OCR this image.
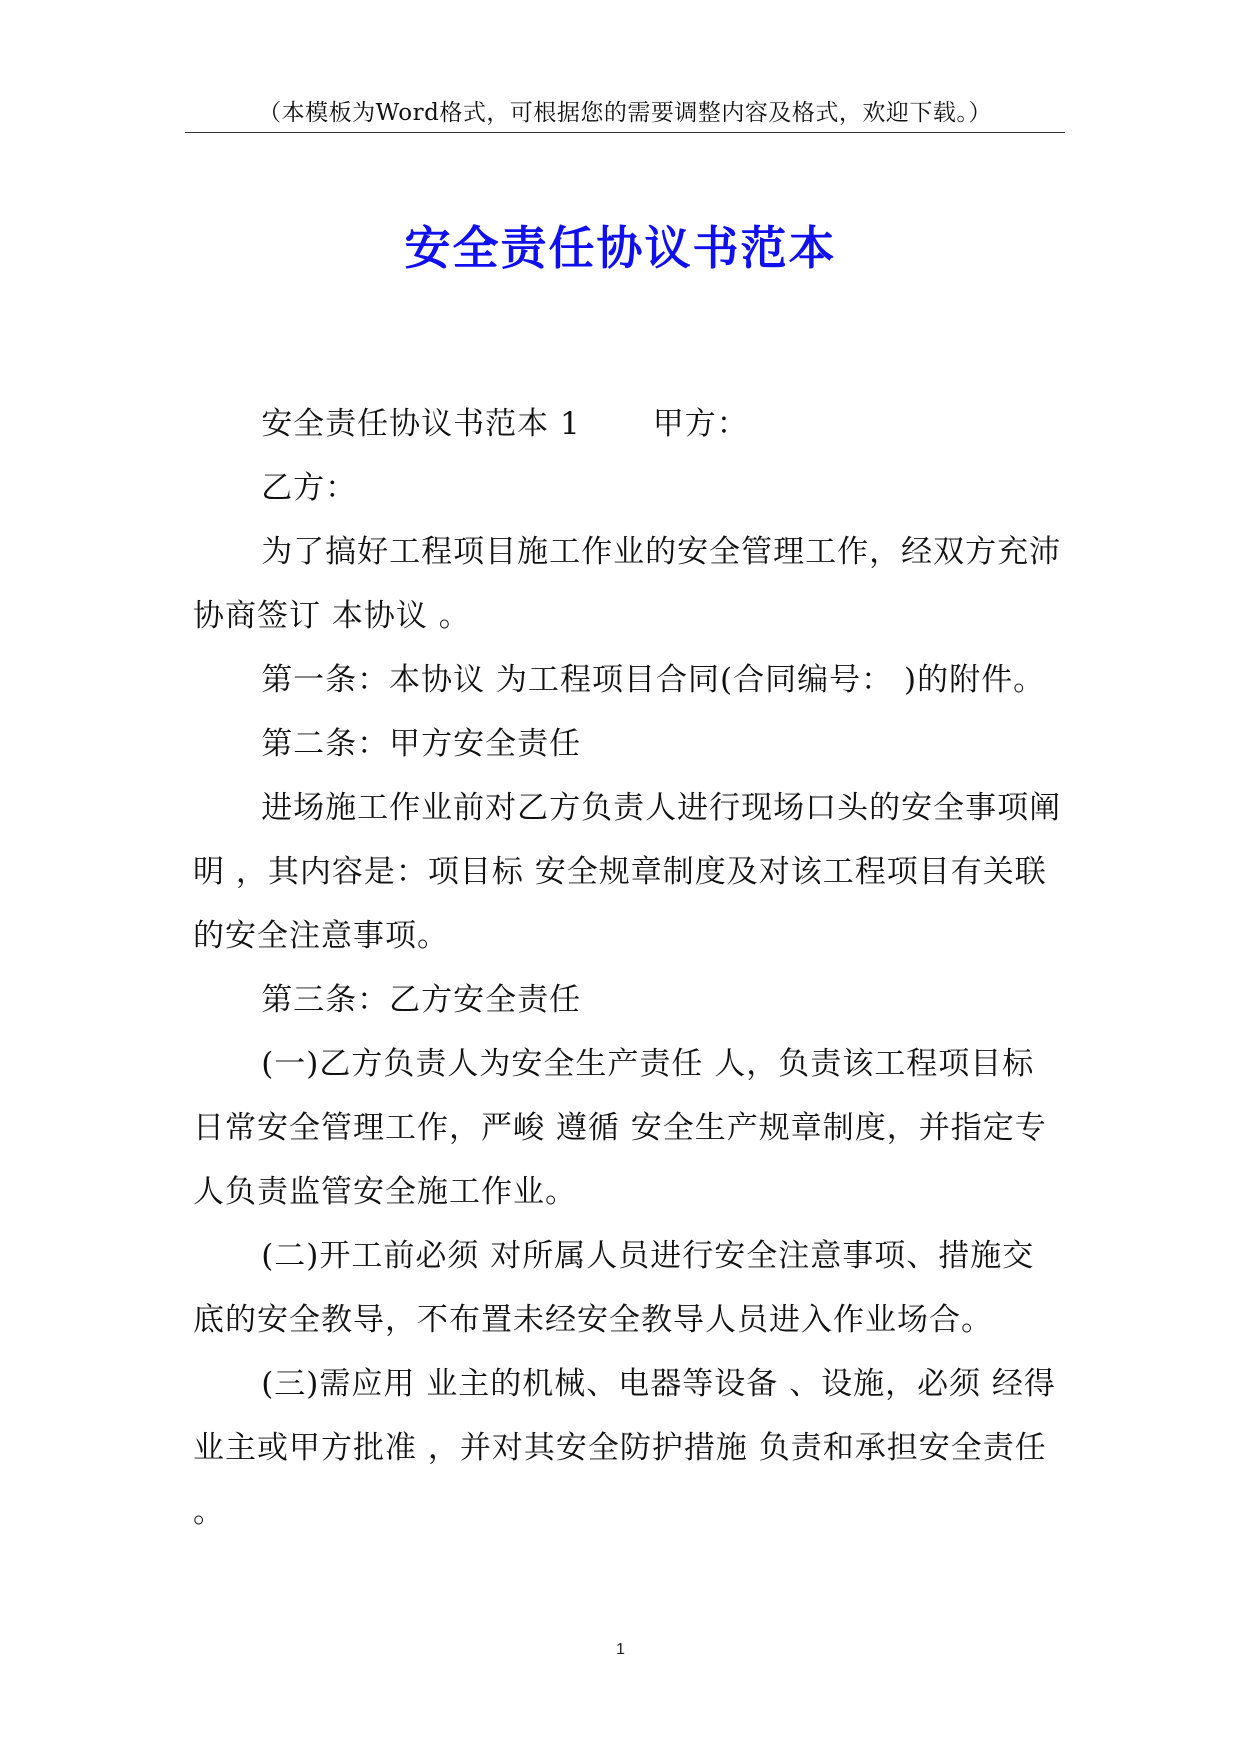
（本模板为Word格式，可根据您的需要调整内容及格式，欢迎下载。）
安全责任协议书范本

安全责任协议书范本 1 甲方：

乙方：

为了搞好工程项目施工作业的安全管理工作，经双方充沛 协商签订 本协议 。

第一条：本协议 为工程项目合同(合同编号： )的附件。

第二条：甲方安全责任

进场施工作业前对乙方负责人进行现场口头的安全事项阐明 ，其内容是：项目标 安全规章制度及对该工程项目有关联的安全注意事项。

第三条：乙方安全责任

(一)乙方负责人为安全生产责任 人，负责该工程项目标日常安全管理工作，严峻 遵循 安全生产规章制度，并指定专人负责监管安全施工作业。

(二)开工前必须 对所属人员进行安全注意事项、措施交底的安全教导，不布置未经安全教导人员进入作业场合。

(三)需应用 业主的机械、电器等设备 、设施，必须 经得业主或甲方批准 ，并对其安全防护措施 负责和承担安全责任 。

1
